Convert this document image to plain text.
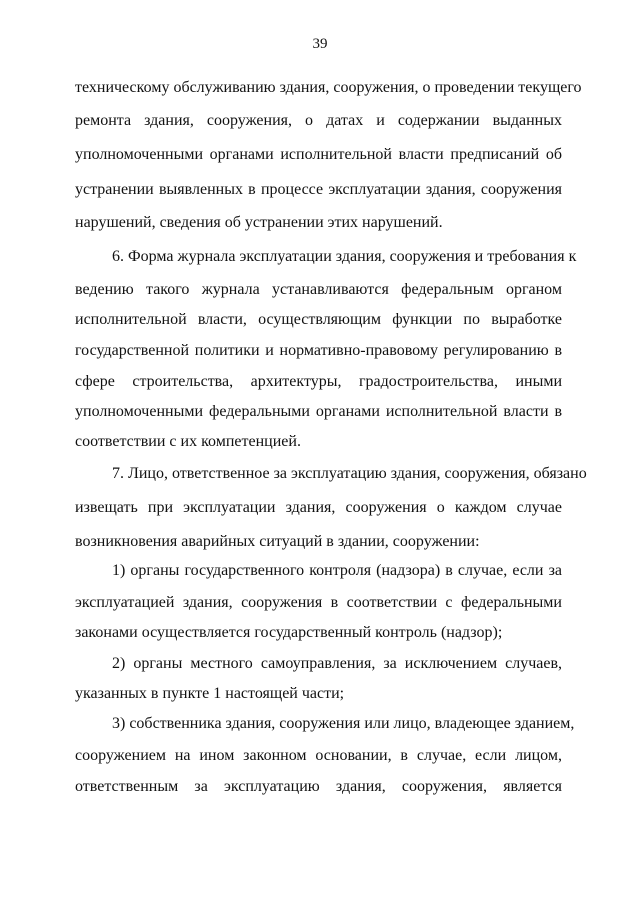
39
техническому обслуживанию здания, сооружения, о проведении текущего
ремонта здания, сооружения, о датах и содержании выданных
уполномоченными органами исполнительной власти предписаний об
устранении выявленных в процессе эксплуатации здания, сооружения
нарушений, сведения об устранении этих нарушений.
6. Форма журнала эксплуатации здания, сооружения и требования к
ведению такого журнала устанавливаются федеральным органом
исполнительной власти, осуществляющим функции по выработке
государственной политики и нормативно-правовому регулированию в
сфере строительства, архитектуры, градостроительства, иными
уполномоченными федеральными органами исполнительной власти в
соответствии с их компетенцией.
7. Лицо, ответственное за эксплуатацию здания, сооружения, обязано
извещать при эксплуатации здания, сооружения о каждом случае
возникновения аварийных ситуаций в здании, сооружении:
1) органы государственного контроля (надзора) в случае, если за
эксплуатацией здания, сооружения в соответствии с федеральными
законами осуществляется государственный контроль (надзор);
2) органы местного самоуправления, за исключением случаев,
указанных в пункте 1 настоящей части;
3) собственника здания, сооружения или лицо, владеющее зданием,
сооружением на ином законном основании, в случае, если лицом,
ответственным за эксплуатацию здания, сооружения, является
